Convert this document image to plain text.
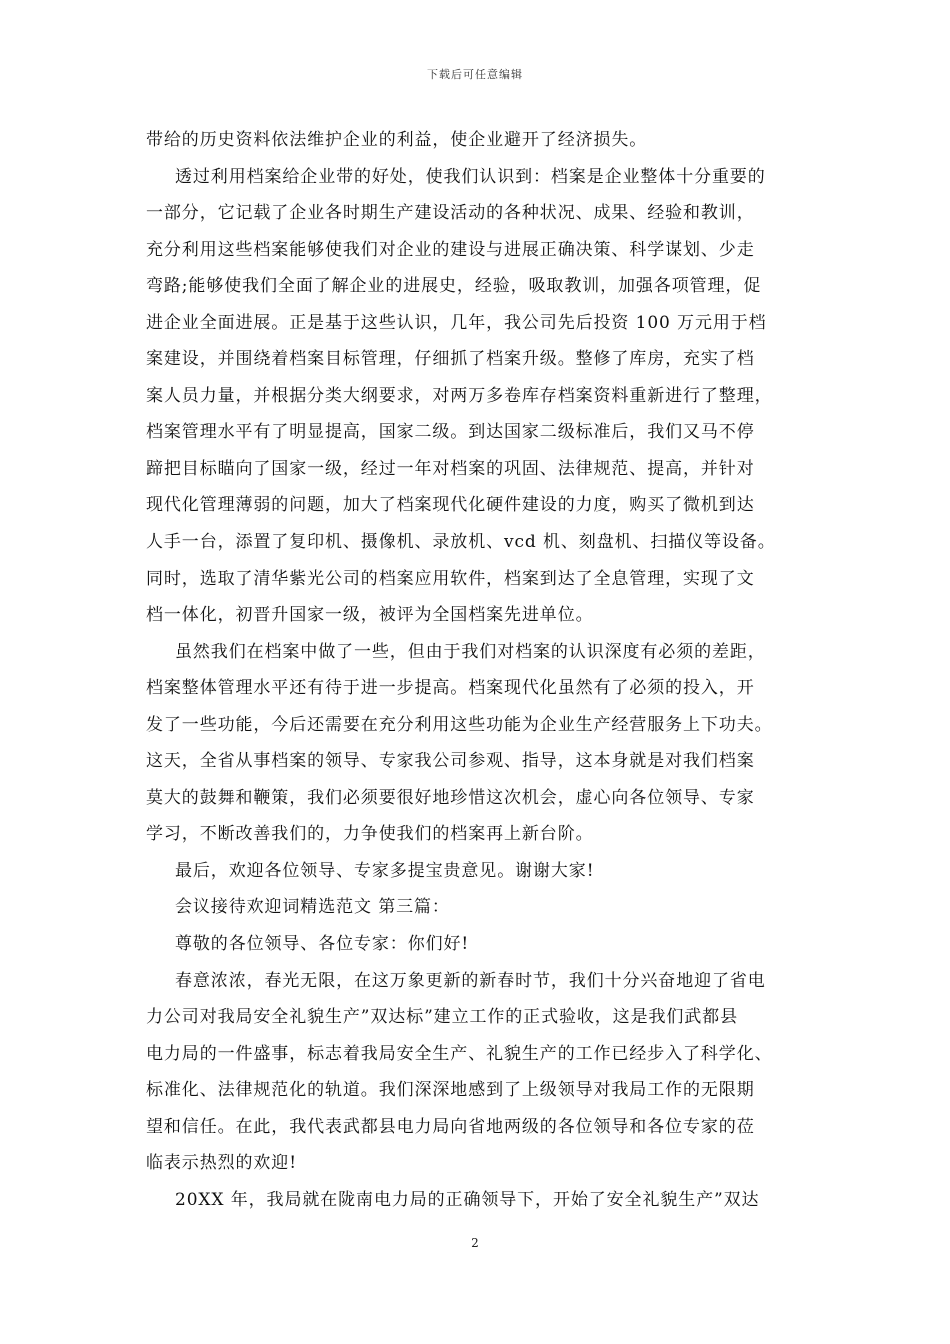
下载后可任意编辑
带给的历史资料依法维护企业的利益，使企业避开了经济损失。
透过利用档案给企业带的好处，使我们认识到：档案是企业整体十分重要的
一部分，它记载了企业各时期生产建设活动的各种状况、成果、经验和教训，
充分利用这些档案能够使我们对企业的建设与进展正确决策、科学谋划、少走
弯路;能够使我们全面了解企业的进展史，经验，吸取教训，加强各项管理，促
进企业全面进展。正是基于这些认识，几年，我公司先后投资 100 万元用于档
案建设，并围绕着档案目标管理，仔细抓了档案升级。整修了库房，充实了档
案人员力量，并根据分类大纲要求，对两万多卷库存档案资料重新进行了整理，
档案管理水平有了明显提高，国家二级。到达国家二级标准后，我们又马不停
蹄把目标瞄向了国家一级，经过一年对档案的巩固、法律规范、提高，并针对
现代化管理薄弱的问题，加大了档案现代化硬件建设的力度，购买了微机到达
人手一台，添置了复印机、摄像机、录放机、vcd 机、刻盘机、扫描仪等设备。
同时，选取了清华紫光公司的档案应用软件，档案到达了全息管理，实现了文
档一体化，初晋升国家一级，被评为全国档案先进单位。
虽然我们在档案中做了一些，但由于我们对档案的认识深度有必须的差距，
档案整体管理水平还有待于进一步提高。档案现代化虽然有了必须的投入，开
发了一些功能，今后还需要在充分利用这些功能为企业生产经营服务上下功夫。
这天，全省从事档案的领导、专家我公司参观、指导，这本身就是对我们档案
莫大的鼓舞和鞭策，我们必须要很好地珍惜这次机会，虚心向各位领导、专家
学习，不断改善我们的，力争使我们的档案再上新台阶。
最后，欢迎各位领导、专家多提宝贵意见。谢谢大家!
会议接待欢迎词精选范文 第三篇：
尊敬的各位领导、各位专家：你们好!
春意浓浓，春光无限，在这万象更新的新春时节，我们十分兴奋地迎了省电
力公司对我局安全礼貌生产”双达标”建立工作的正式验收，这是我们武都县
电力局的一件盛事，标志着我局安全生产、礼貌生产的工作已经步入了科学化、
标准化、法律规范化的轨道。我们深深地感到了上级领导对我局工作的无限期
望和信任。在此，我代表武都县电力局向省地两级的各位领导和各位专家的莅
临表示热烈的欢迎!
20XX 年，我局就在陇南电力局的正确领导下，开始了安全礼貌生产”双达
2
